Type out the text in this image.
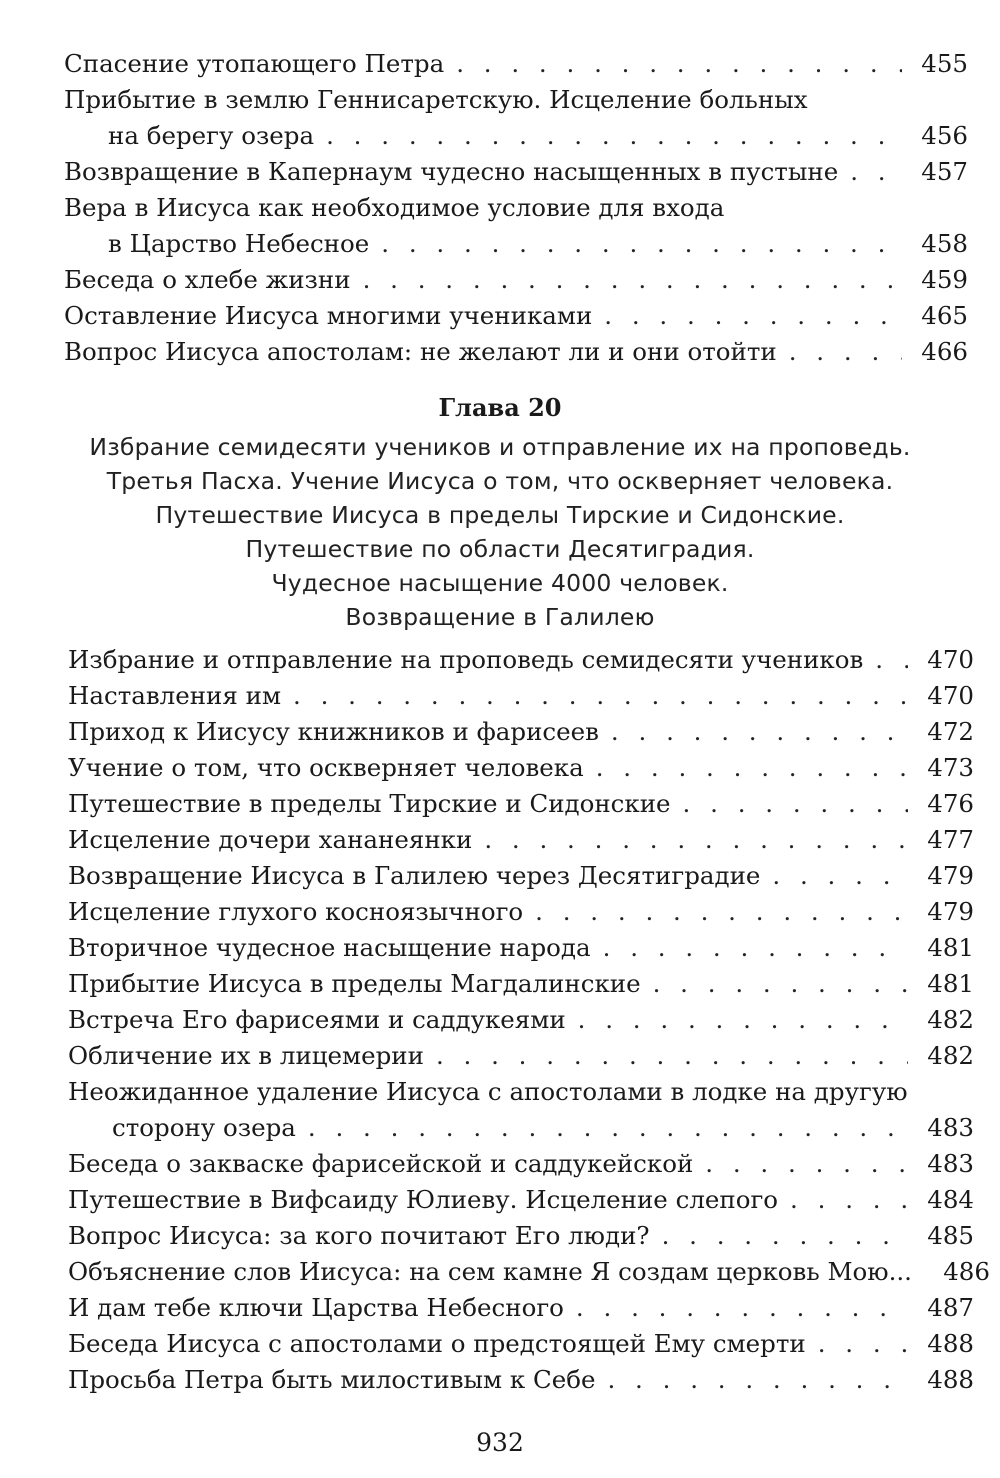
Спасение утопающего Петра . . .	455
Прибытие в землю Геннисаретскую. Исцеление больных
на берегу озера . . .	456
Возвращение в Капернаум чудесно насыщенных в пустыне . . .	457
Вера в Иисуса как необходимое условие для входа
в Царство Небесное . . .	458
Беседа о хлебе жизни . . .	459
Оставление Иисуса многими учениками . . .	465
Вопрос Иисуса апостолам: не желают ли и они отойти . . .	466
Глава 20
Избрание семидесяти учеников и отправление их на проповедь.
Третья Пасха. Учение Иисуса о том, что оскверняет человека.
Путешествие Иисуса в пределы Тирские и Сидонские.
Путешествие по области Десятиградия.
Чудесное насыщение 4000 человек.
Возвращение в Галилею
Избрание и отправление на проповедь семидесяти учеников . . .	470
Наставления им . . .	470
Приход к Иисусу книжников и фарисеев . . .	472
Учение о том, что оскверняет человека . . .	473
Путешествие в пределы Тирские и Сидонские . . .	476
Исцеление дочери хананеянки . . .	477
Возвращение Иисуса в Галилею через Десятиградие . . .	479
Исцеление глухого косноязычного . . .	479
Вторичное чудесное насыщение народа . . .	481
Прибытие Иисуса в пределы Магдалинские . . .	481
Встреча Его фарисеями и саддукеями . . .	482
Обличение их в лицемерии . . .	482
Неожиданное удаление Иисуса с апостолами в лодке на другую
сторону озера . . .	483
Беседа о закваске фарисейской и саддукейской . . .	483
Путешествие в Вифсаиду Юлиеву. Исцеление слепого . . .	484
Вопрос Иисуса: за кого почитают Его люди? . . .	485
Объяснение слов Иисуса: на сем камне Я создам церковь Мою... 486
И дам тебе ключи Царства Небесного . . .	487
Беседа Иисуса с апостолами о предстоящей Ему смерти . . .	488
Просьба Петра быть милостивым к Себе . . .	488
932
